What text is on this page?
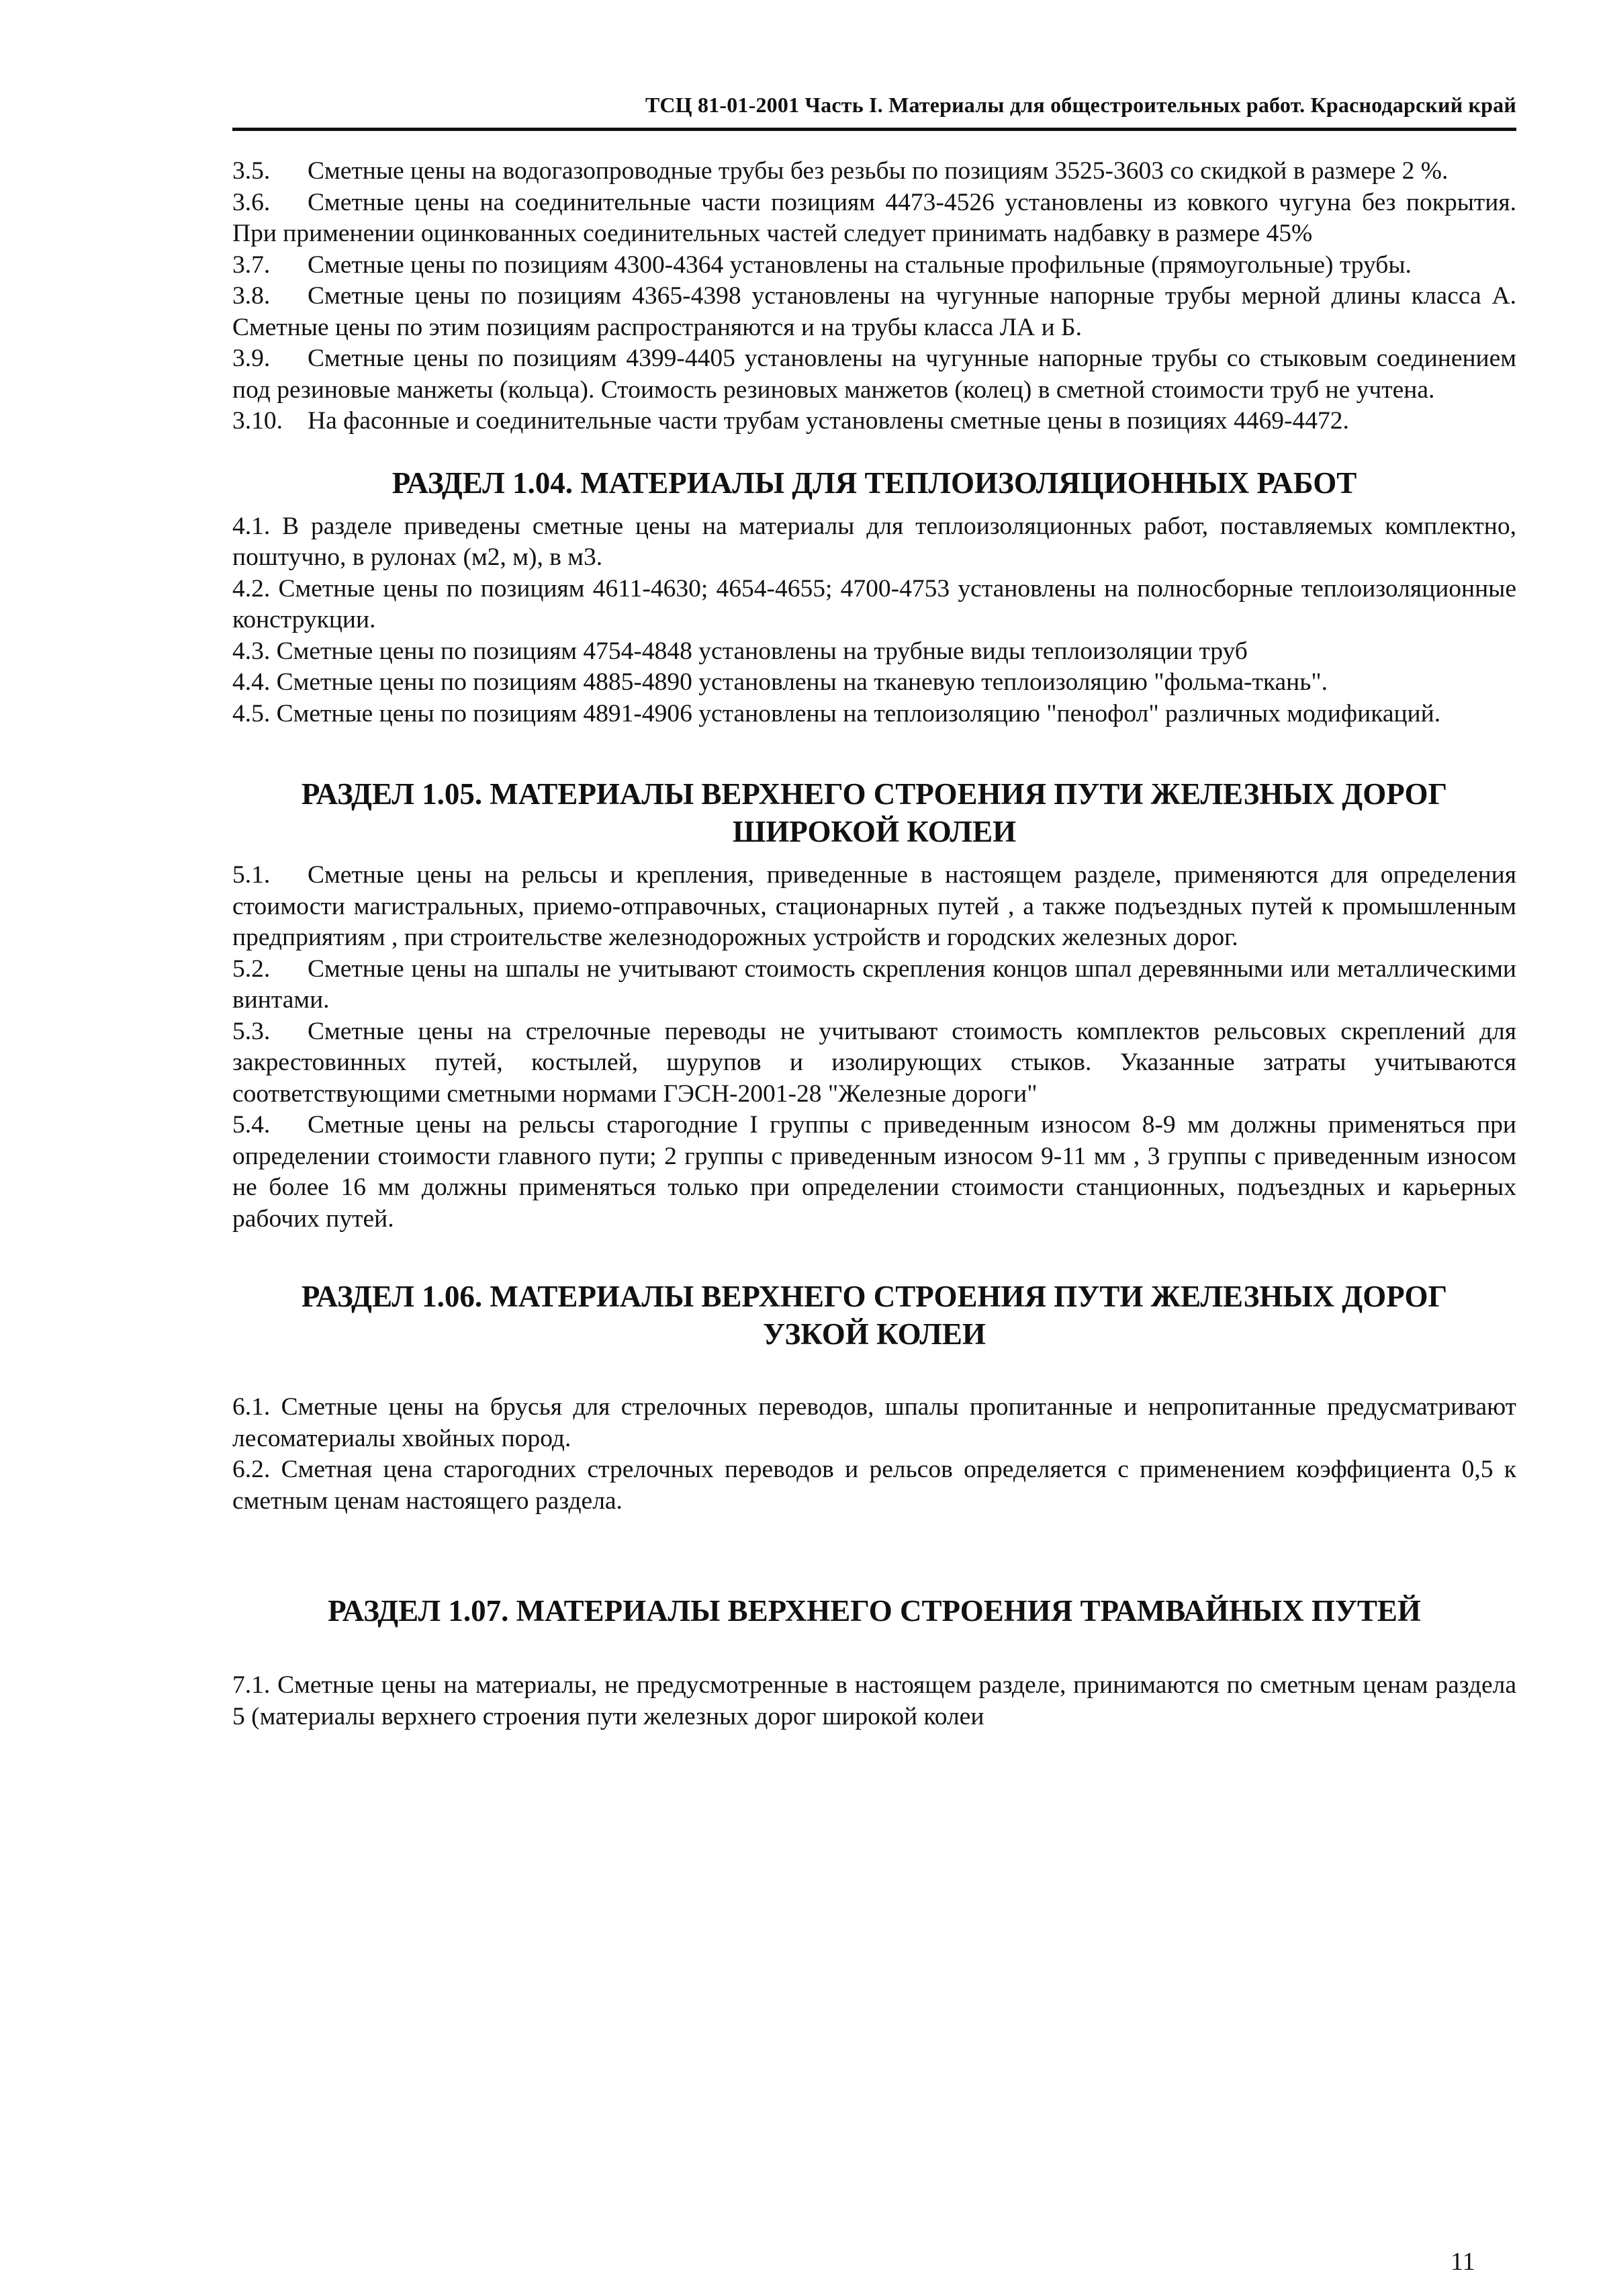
ТСЦ 81-01-2001 Часть I. Материалы для общестроительных работ. Краснодарский край

3.5. Сметные цены на водогазопроводные трубы без резьбы по позициям 3525-3603 со скидкой в размере 2 %.

3.6. Сметные цены на соединительные части позициям 4473-4526 установлены из ковкого чугуна без покрытия. При применении оцинкованных соединительных частей следует принимать надбавку в размере 45%

3.7. Сметные цены по позициям 4300-4364 установлены на стальные профильные (прямоугольные) трубы.

3.8. Сметные цены по позициям 4365-4398 установлены на чугунные напорные трубы мерной длины класса А. Сметные цены по этим позициям распространяются и на трубы класса ЛА и Б.

3.9. Сметные цены по позициям 4399-4405 установлены на чугунные напорные трубы со стыковым соединением под резиновые манжеты (кольца). Стоимость резиновых манжетов (колец) в сметной стоимости труб не учтена.

3.10. На фасонные и соединительные части трубам установлены сметные цены в позициях 4469-4472.

РАЗДЕЛ 1.04. МАТЕРИАЛЫ ДЛЯ ТЕПЛОИЗОЛЯЦИОННЫХ РАБОТ

4.1. В разделе приведены сметные цены на материалы для теплоизоляционных работ, поставляемых комплектно, поштучно, в рулонах (м2, м), в м3.

4.2. Сметные цены по позициям 4611-4630; 4654-4655; 4700-4753 установлены на полносборные теплоизоляционные конструкции.

4.3. Сметные цены по позициям 4754-4848 установлены на трубные виды теплоизоляции труб

4.4. Сметные цены по позициям 4885-4890 установлены на тканевую теплоизоляцию "фольма-ткань".

4.5. Сметные цены по позициям 4891-4906 установлены на теплоизоляцию "пенофол" различных модификаций.

РАЗДЕЛ 1.05. МАТЕРИАЛЫ ВЕРХНЕГО СТРОЕНИЯ ПУТИ ЖЕЛЕЗНЫХ ДОРОГ

ШИРОКОЙ КОЛЕИ

5.1. Сметные цены на рельсы и крепления, приведенные в настоящем разделе, применяются для определения стоимости магистральных, приемо-отправочных, стационарных путей , а также подъездных путей к промышленным предприятиям , при строительстве железнодорожных устройств и городских железных дорог.

5.2. Сметные цены на шпалы не учитывают стоимость скрепления концов шпал деревянными или металлическими винтами.

5.3. Сметные цены на стрелочные переводы не учитывают стоимость комплектов рельсовых скреплений для закрестовинных путей, костылей, шурупов и изолирующих стыков. Указанные затраты учитываются соответствующими сметными нормами ГЭСН-2001-28 "Железные дороги"

5.4. Сметные цены на рельсы старогодние I группы с приведенным износом 8-9 мм должны применяться при определении стоимости главного пути; 2 группы с приведенным износом 9-11 мм , 3 группы с приведенным износом не более 16 мм должны применяться только при определении стоимости станционных, подъездных и карьерных рабочих путей.

РАЗДЕЛ 1.06. МАТЕРИАЛЫ ВЕРХНЕГО СТРОЕНИЯ ПУТИ ЖЕЛЕЗНЫХ ДОРОГ

УЗКОЙ КОЛЕИ

6.1. Сметные цены на брусья для стрелочных переводов, шпалы пропитанные и непропитанные предусматривают лесоматериалы хвойных пород.

6.2. Сметная цена старогодних стрелочных переводов и рельсов определяется с применением коэффициента 0,5 к сметным ценам настоящего раздела.

РАЗДЕЛ 1.07. МАТЕРИАЛЫ ВЕРХНЕГО СТРОЕНИЯ ТРАМВАЙНЫХ ПУТЕЙ

7.1. Сметные цены на материалы, не предусмотренные в настоящем разделе, принимаются по сметным ценам раздела 5 (материалы верхнего строения пути железных дорог широкой колеи

11
